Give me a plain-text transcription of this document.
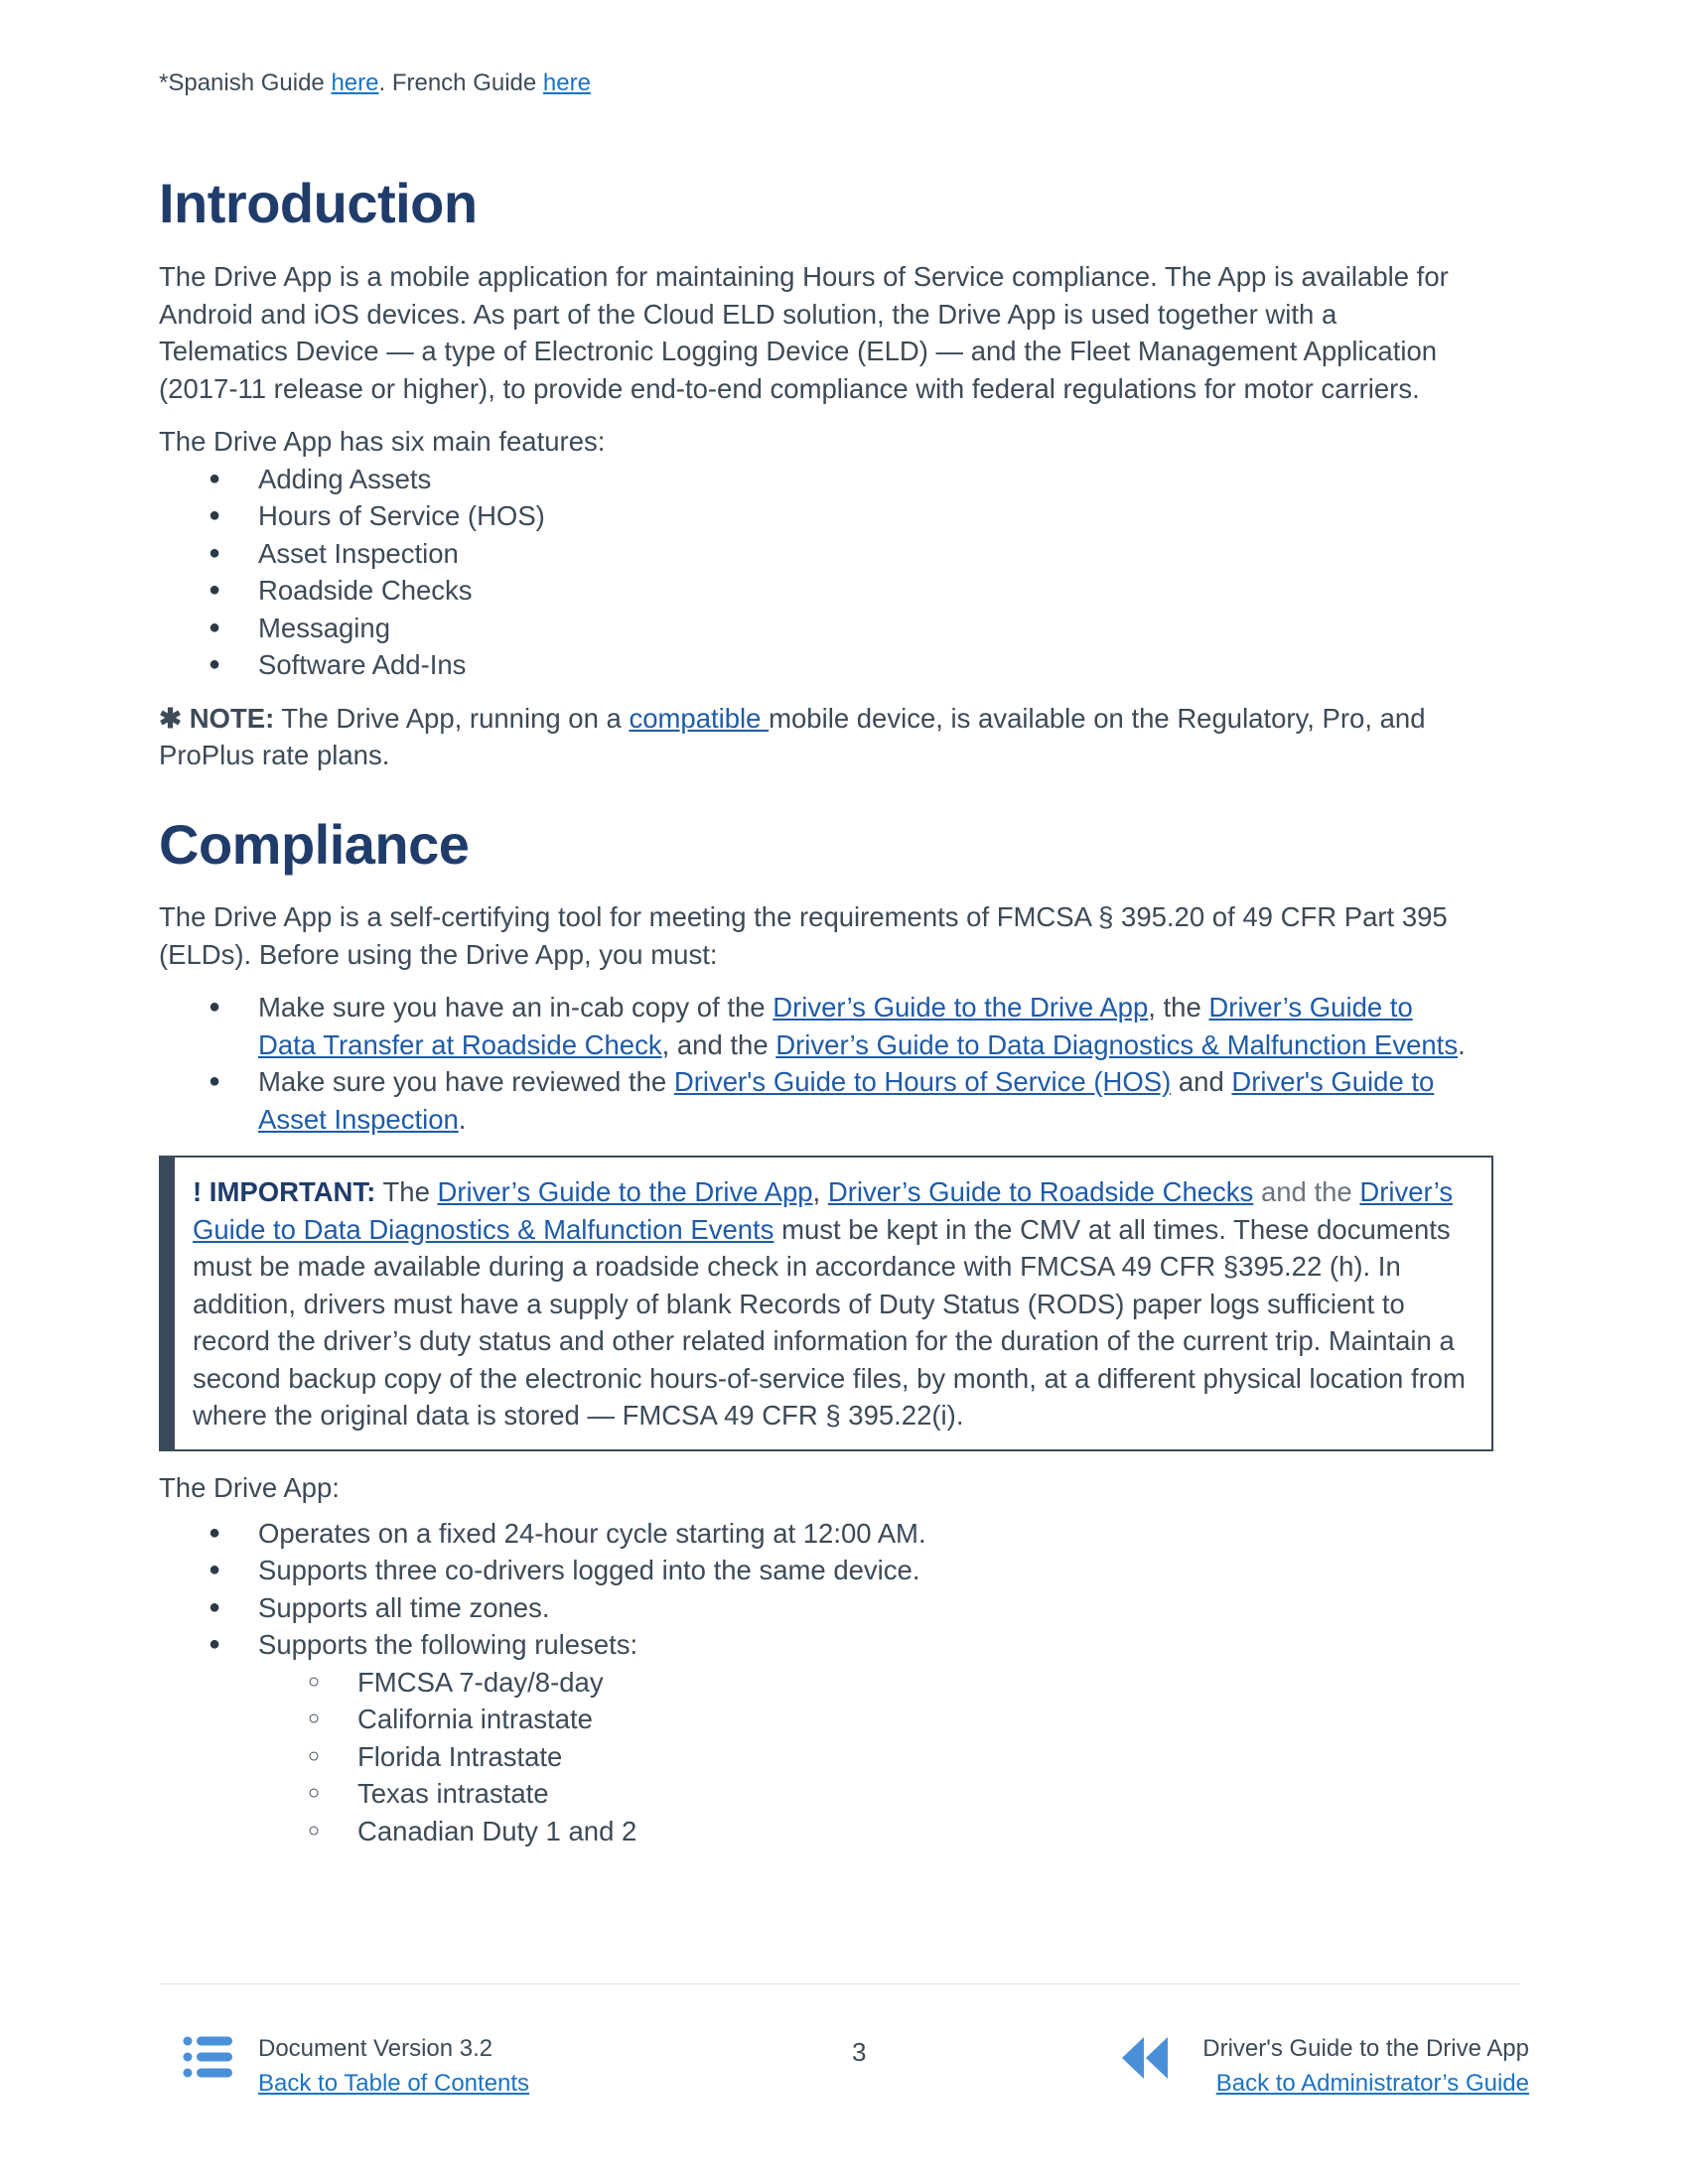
*Spanish Guide here. French Guide here
Introduction

The Drive App is a mobile application for maintaining Hours of Service compliance. The App is available for Android and iOS devices. As part of the Cloud ELD solution, the Drive App is used together with a Telematics Device — a type of Electronic Logging Device (ELD) — and the Fleet Management Application (2017-11 release or higher), to provide end-to-end compliance with federal regulations for motor carriers.

The Drive App has six main features:

● Adding Assets
● Hours of Service (HOS)
● Asset Inspection
● Roadside Checks
● Messaging
● Software Add-Ins

✱ NOTE: The Drive App, running on a compatible mobile device, is available on the Regulatory, Pro, and ProPlus rate plans.

Compliance

The Drive App is a self-certifying tool for meeting the requirements of FMCSA § 395.20 of 49 CFR Part 395 (ELDs). Before using the Drive App, you must:

● Make sure you have an in-cab copy of the Driver’s Guide to the Drive App, the Driver’s Guide to Data Transfer at Roadside Check, and the Driver’s Guide to Data Diagnostics & Malfunction Events.
● Make sure you have reviewed the Driver's Guide to Hours of Service (HOS) and Driver's Guide to Asset Inspection.

! IMPORTANT: The Driver’s Guide to the Drive App, Driver’s Guide to Roadside Checks and the Driver’s Guide to Data Diagnostics & Malfunction Events must be kept in the CMV at all times. These documents must be made available during a roadside check in accordance with FMCSA 49 CFR §395.22 (h). In addition, drivers must have a supply of blank Records of Duty Status (RODS) paper logs sufficient to record the driver’s duty status and other related information for the duration of the current trip. Maintain a second backup copy of the electronic hours-of-service files, by month, at a different physical location from where the original data is stored — FMCSA 49 CFR § 395.22(i).

The Drive App:

● Operates on a fixed 24-hour cycle starting at 12:00 AM.
● Supports three co-drivers logged into the same device.
● Supports all time zones.
● Supports the following rulesets:
○ FMCSA 7-day/8-day
○ California intrastate
○ Florida Intrastate
○ Texas intrastate
○ Canadian Duty 1 and 2
Document Version 3.2
Back to Table of Contents
3	Driver's Guide to the Drive App
Back to Administrator’s Guide
